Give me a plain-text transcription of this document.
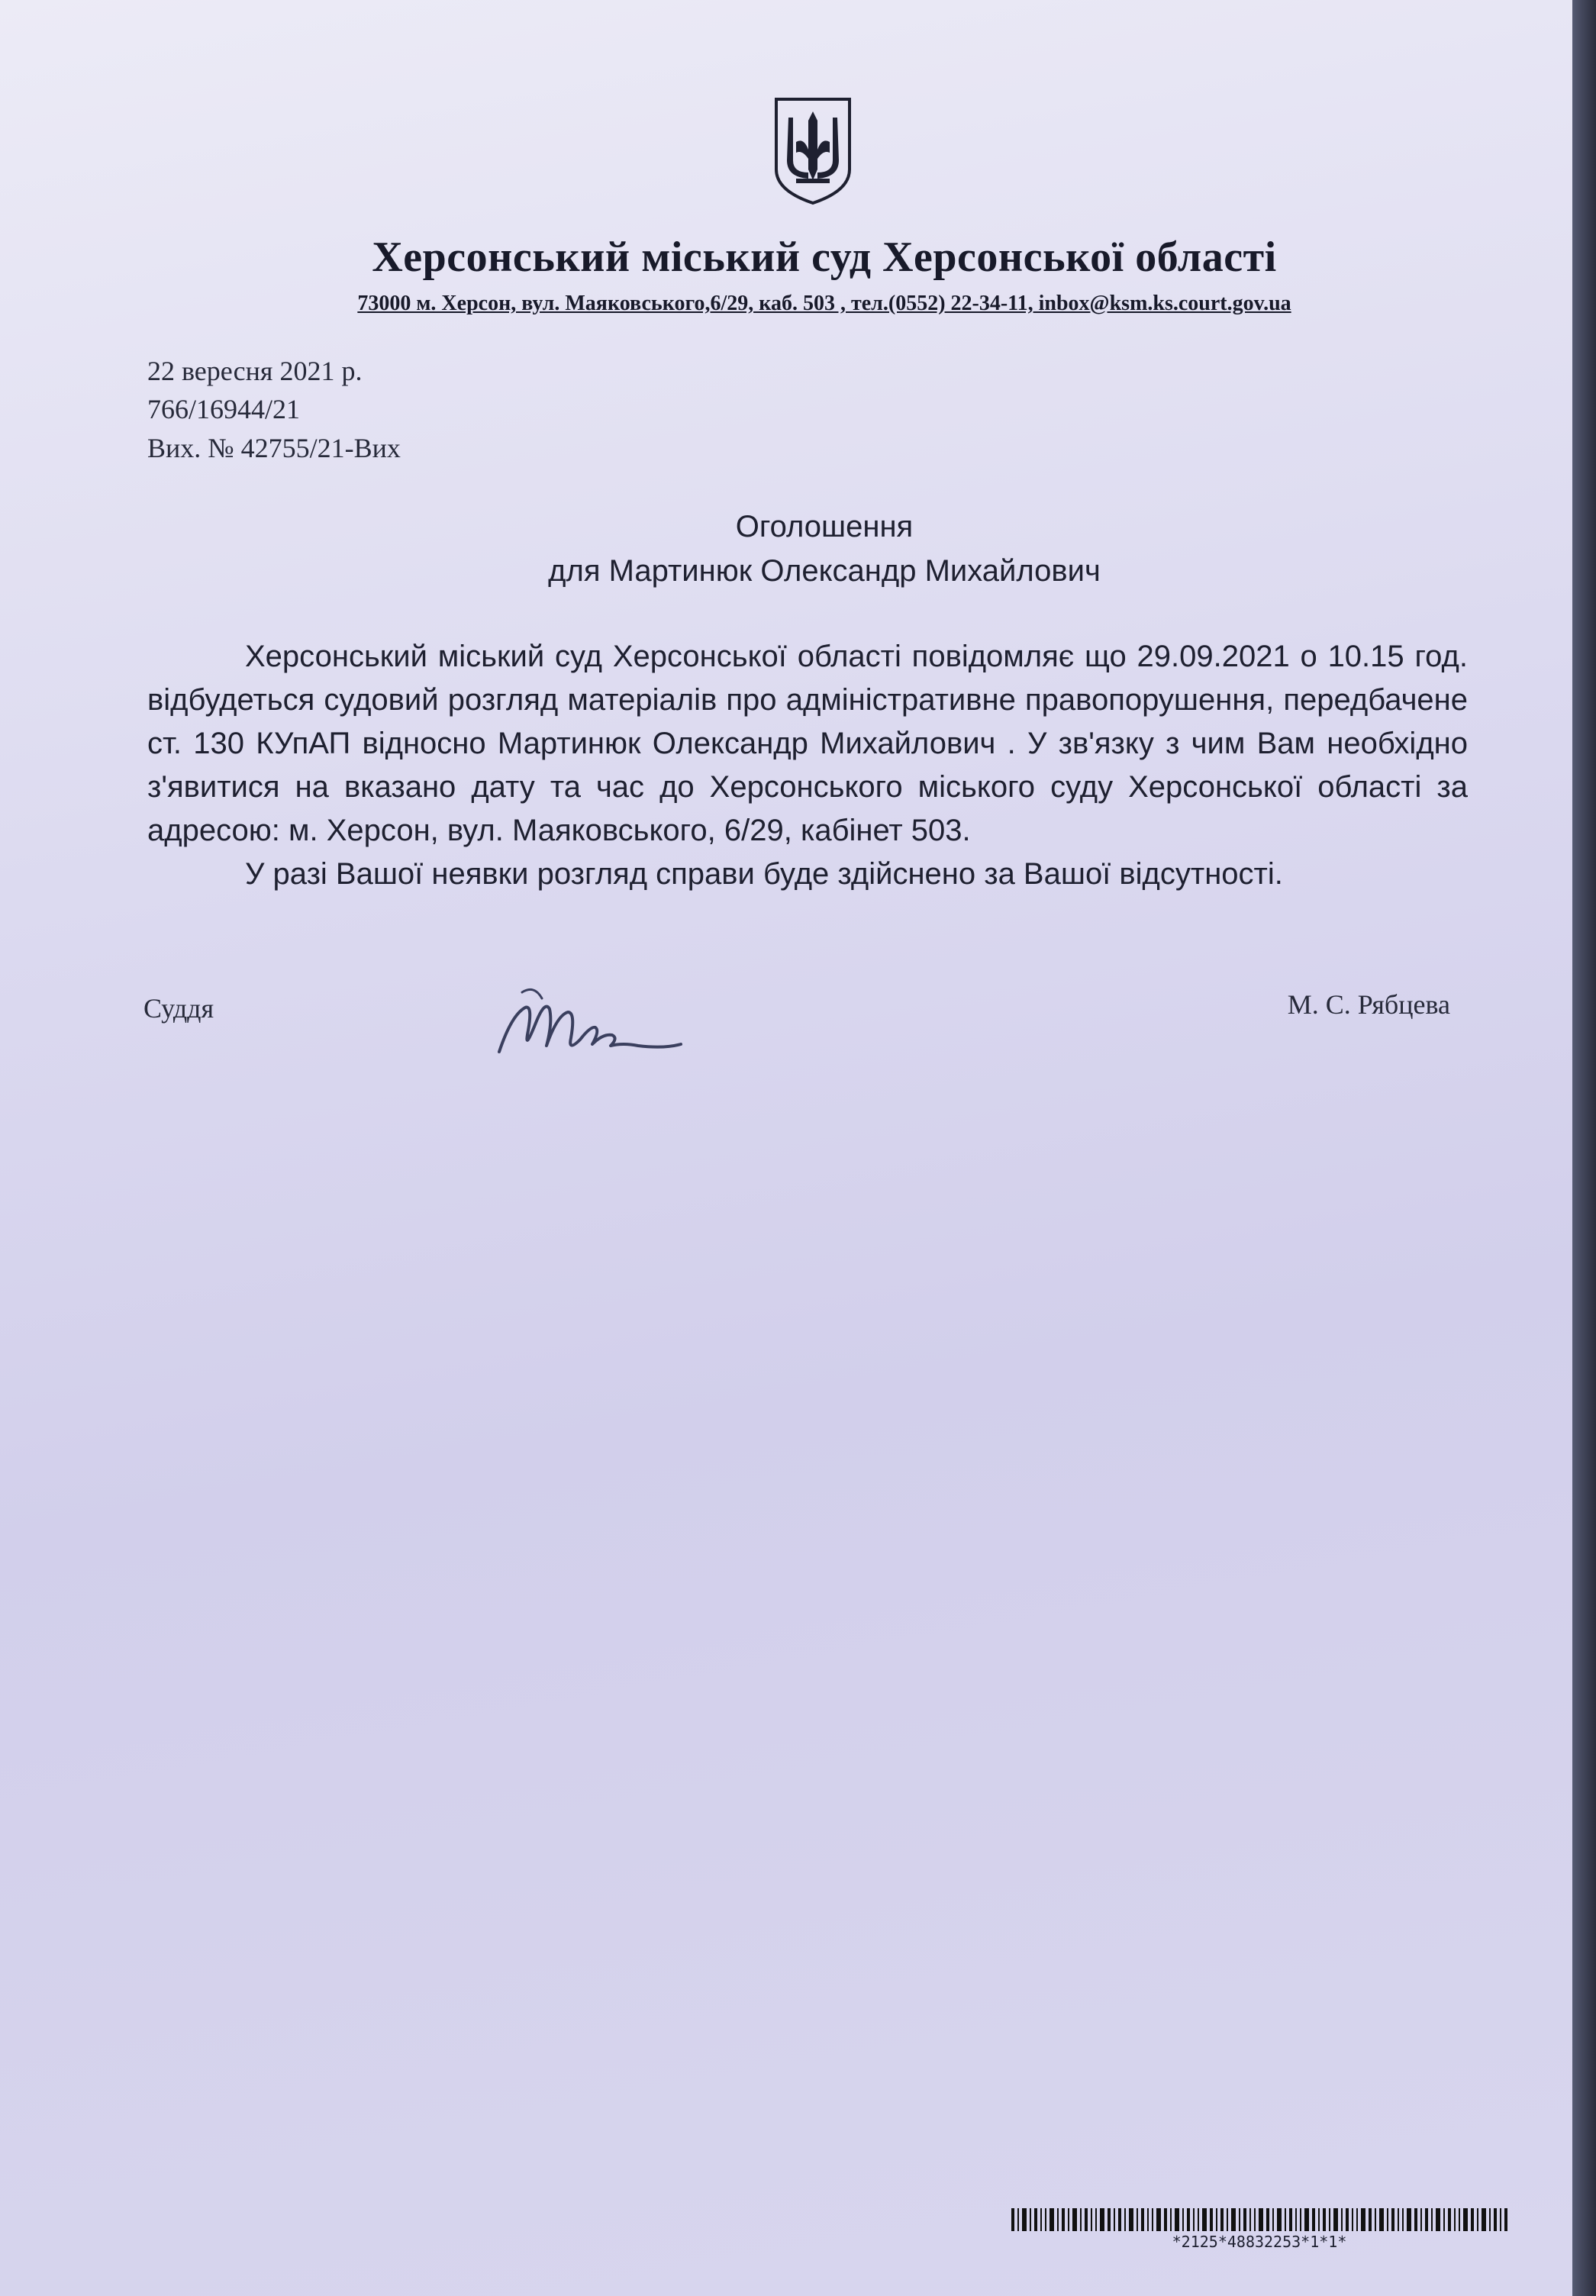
Херсонський міський суд Херсонської області
73000 м. Херсон, вул. Маяковського,6/29, каб. 503 , тел.(0552) 22-34-11, inbox@ksm.ks.court.gov.ua
22 вересня 2021 р.
766/16944/21
Вих. № 42755/21-Вих
Оголошення
для Мартинюк Олександр Михайлович

Херсонський міський суд Херсонської області повідомляє що 29.09.2021 о 10.15 год. відбудеться судовий розгляд матеріалів про адміністративне правопорушення, передбачене ст. 130 КУпАП відносно Мартинюк Олександр Михайлович . У зв'язку з чим Вам необхідно з'явитися на вказано дату та час до Херсонського міського суду Херсонської області за адресою: м. Херсон, вул. Маяковського, 6/29, кабінет 503.

У разі Вашої неявки розгляд справи буде здійснено за Вашої відсутності.

Суддя	М. С. Рябцева
*2125*48832253*1*1*
